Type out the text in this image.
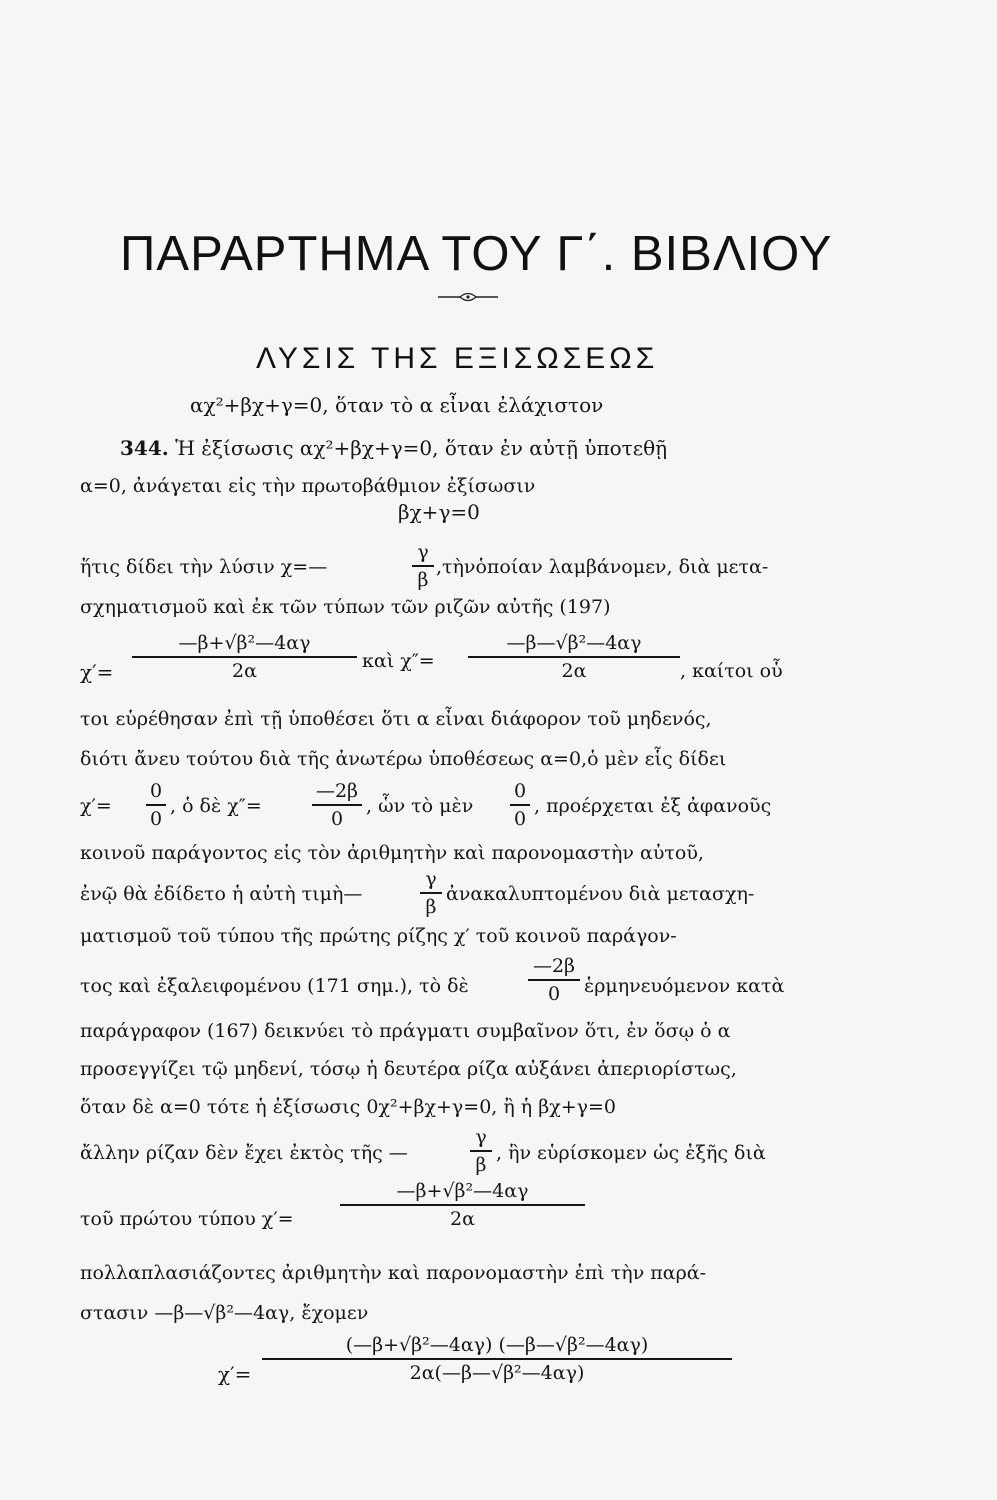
ΠΑΡΑΡΤΗΜΑ ΤΟΥ Γ΄. ΒΙΒΛΙΟΥ
ΛΥΣΙΣ ΤΗΣ ΕΞΙΣΩΣΕΩΣ
αχ²+βχ+γ=0, ὅταν τὸ α εἶναι ἐλάχιστον
344. Ἡ ἐξίσωσις αχ²+βχ+γ=0, ὅταν ἐν αὐτῇ ὑποτεθῇ
α=0, ἀνάγεται εἰς τὴν πρωτοβάθμιον ἐξίσωσιν
βχ+γ=0
ἥτις δίδει τὴν λύσιν χ=—
γ
β
,τὴνὁποίαν λαμβάνομεν, διὰ μετα-
σχηματισμοῦ καὶ ἐκ τῶν τύπων τῶν ριζῶν αὐτῆς (197)
χ′=
—β+√β²—4αγ
2α	καὶ χ″=
—β—√β²—4αγ
2α	, καίτοι οὗ
τοι εὑρέθησαν ἐπὶ τῇ ὑποθέσει ὅτι α εἶναι διάφορον τοῦ μηδενός,
διότι ἄνευ τούτου διὰ τῆς ἀνωτέρω ὑποθέσεως α=0,ὁ μὲν εἷς δίδει
χ′=
0
0
, ὁ δὲ χ″=
—2β
0
, ὧν τὸ μὲν
0
0
, προέρχεται ἐξ ἀφανοῦς
κοινοῦ παράγοντος εἰς τὸν ἀριθμητὴν καὶ παρονομαστὴν αὐτοῦ,
ἐνῷ θὰ ἐδίδετο ἡ αὐτὴ τιμὴ—
γ
β
ἀνακαλυπτομένου διὰ μετασχη-
ματισμοῦ τοῦ τύπου τῆς πρώτης ρίζης χ′ τοῦ κοινοῦ παράγον-
τος καὶ ἐξαλειφομένου (171 σημ.), τὸ δὲ
—2β
0	ἑρμηνευόμενον κατὰ
παράγραφον (167) δεικνύει τὸ πράγματι συμβαῖνον ὅτι, ἐν ὅσῳ ὁ α
προσεγγίζει τῷ μηδενί, τόσῳ ἡ δευτέρα ρίζα αὐξάνει ἀπεριορίστως,
ὅταν δὲ α=0 τότε ἡ ἐξίσωσις 0χ²+βχ+γ=0, ἢ ἡ βχ+γ=0
ἄλλην ρίζαν δὲν ἔχει ἐκτὸς τῆς —
γ
β
, ἣν εὑρίσκομεν ὡς ἑξῆς διὰ
τοῦ πρώτου τύπου χ′=
—β+√β²—4αγ
2α
πολλαπλασιάζοντες ἀριθμητὴν καὶ παρονομαστὴν ἐπὶ τὴν παρά-
στασιν —β—√β²—4αγ, ἔχομεν
χ′=
(—β+√β²—4αγ) (—β—√β²—4αγ)
2α(—β—√β²—4αγ)
